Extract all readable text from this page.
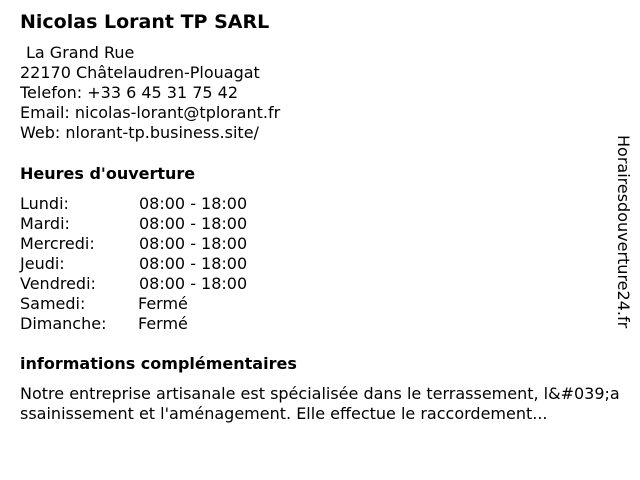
Nicolas Lorant TP SARL
La Grand Rue
22170 Châtelaudren-Plouagat
Telefon: +33 6 45 31 75 42
Email: nicolas-lorant@tplorant.fr
Web: nlorant-tp.business.site/
Heures d'ouverture
Lundi:	08:00 - 18:00
Mardi:	08:00 - 18:00
Mercredi:	08:00 - 18:00
Jeudi:	08:00 - 18:00
Vendredi:	08:00 - 18:00
Samedi:	Fermé
Dimanche: Fermé
informations complémentaires

Notre entreprise artisanale est spécialisée dans le terrassement, l&#039;assainissement et l'aménagement. Elle effectue le raccordement...

Horairesdouverture24.fr
